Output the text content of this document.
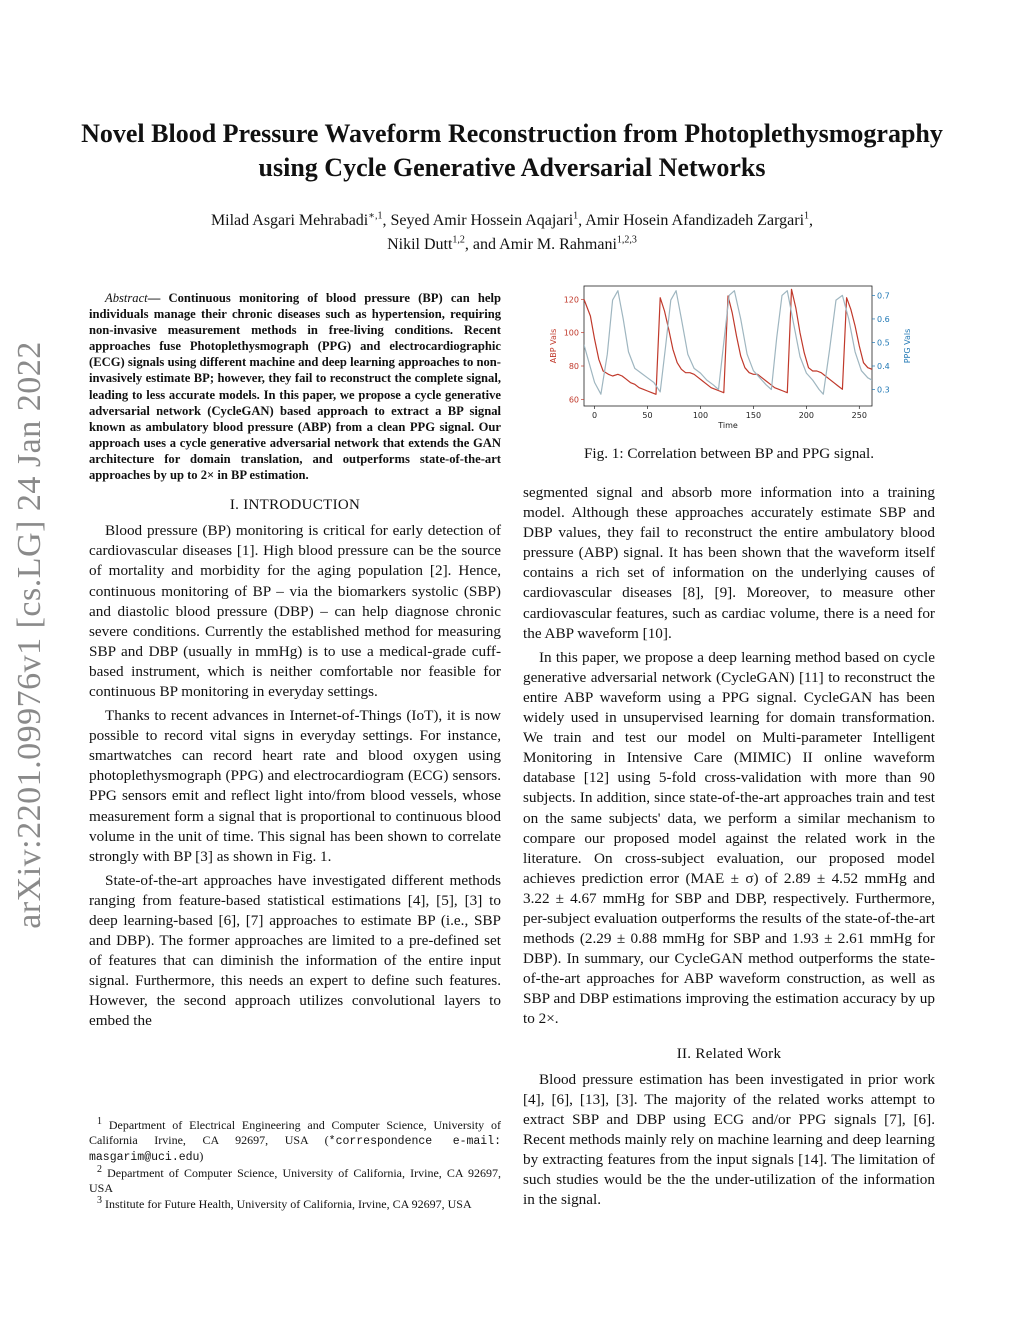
arXiv:2201.09976v1 [cs.LG] 24 Jan 2022
Novel Blood Pressure Waveform Reconstruction from Photoplethysmography using Cycle Generative Adversarial Networks
Milad Asgari Mehrabadi$^{∗,1}$, Seyed Amir Hossein Aqajari$^1$, Amir Hosein Afandizadeh Zargari$^1$,
Nikil Dutt$^{1,2}$, and Amir M. Rahmani$^{1,2,3}$
Abstract— Continuous monitoring of blood pressure (BP) can help individuals manage their chronic diseases such as hypertension, requiring non-invasive measurement methods in free-living conditions. Recent approaches fuse Photoplethysmograph (PPG) and electrocardiographic (ECG) signals using different machine and deep learning approaches to non-invasively estimate BP; however, they fail to reconstruct the complete signal, leading to less accurate models. In this paper, we propose a cycle generative adversarial network (CycleGAN) based approach to extract a BP signal known as ambulatory blood pressure (ABP) from a clean PPG signal. Our approach uses a cycle generative adversarial network that extends the GAN architecture for domain translation, and outperforms state-of-the-art approaches by up to 2× in BP estimation.
I. INTRODUCTION

Blood pressure (BP) monitoring is critical for early detection of cardiovascular diseases [1]. High blood pressure can be the source of mortality and morbidity for the aging population [2]. Hence, continuous monitoring of BP – via the biomarkers systolic (SBP) and diastolic blood pressure (DBP) – can help diagnose chronic severe conditions. Currently the established method for measuring SBP and DBP (usually in mmHg) is to use a medical-grade cuff-based instrument, which is neither comfortable nor feasible for continuous BP monitoring in everyday settings.

Thanks to recent advances in Internet-of-Things (IoT), it is now possible to record vital signs in everyday settings. For instance, smartwatches can record heart rate and blood oxygen using photoplethysmograph (PPG) and electrocardiogram (ECG) sensors. PPG sensors emit and reflect light into/from blood vessels, whose measurement form a signal that is proportional to continuous blood volume in the unit of time. This signal has been shown to correlate strongly with BP [3] as shown in Fig. 1.

State-of-the-art approaches have investigated different methods ranging from feature-based statistical estimations [4], [5], [3] to deep learning-based [6], [7] approaches to estimate BP (i.e., SBP and DBP). The former approaches are limited to a pre-defined set of features that can diminish the information of the entire input signal. Furthermore, this needs an expert to define such features. However, the second approach utilizes convolutional layers to embed the

$^1$ Department of Electrical Engineering and Computer Science, University of California Irvine, CA 92697, USA (*correspondence e-mail: masgarim@uci.edu)
$^2$ Department of Computer Science, University of California, Irvine, CA 92697, USA
$^3$ Institute for Future Health, University of California, Irvine, CA 92697, USA
0	50	100	150	200	250
60
80
100
120
0.3
0.4
0.5
0.6
0.7
Time
ABP Vals	PPG Vals
Fig. 1: Correlation between BP and PPG signal.

segmented signal and absorb more information into a training model. Although these approaches accurately estimate SBP and DBP values, they fail to reconstruct the entire ambulatory blood pressure (ABP) signal. It has been shown that the waveform itself contains a rich set of information on the underlying causes of cardiovascular diseases [8], [9]. Moreover, to measure other cardiovascular features, such as cardiac volume, there is a need for the ABP waveform [10].

In this paper, we propose a deep learning method based on cycle generative adversarial network (CycleGAN) [11] to reconstruct the entire ABP waveform using a PPG signal. CycleGAN has been widely used in unsupervised learning for domain transformation. We train and test our model on Multi-parameter Intelligent Monitoring in Intensive Care (MIMIC) II online waveform database [12] using 5-fold cross-validation with more than 90 subjects. In addition, since state-of-the-art approaches train and test on the same subjects' data, we perform a similar mechanism to compare our proposed model against the related work in the literature. On cross-subject evaluation, our proposed model achieves prediction error (MAE ± σ) of 2.89 ± 4.52 mmHg and 3.22 ± 4.67 mmHg for SBP and DBP, respectively. Furthermore, per-subject evaluation outperforms the results of the state-of-the-art methods (2.29 ± 0.88 mmHg for SBP and 1.93 ± 2.61 mmHg for DBP). In summary, our CycleGAN method outperforms the state-of-the-art approaches for ABP waveform construction, as well as SBP and DBP estimations improving the estimation accuracy by up to 2×.

II. Related Work

Blood pressure estimation has been investigated in prior work [4], [6], [13], [3]. The majority of the related works attempt to extract SBP and DBP using ECG and/or PPG signals [7], [6]. Recent methods mainly rely on machine learning and deep learning by extracting features from the input signals [14]. The limitation of such studies would be the the under-utilization of the information in the signal.
